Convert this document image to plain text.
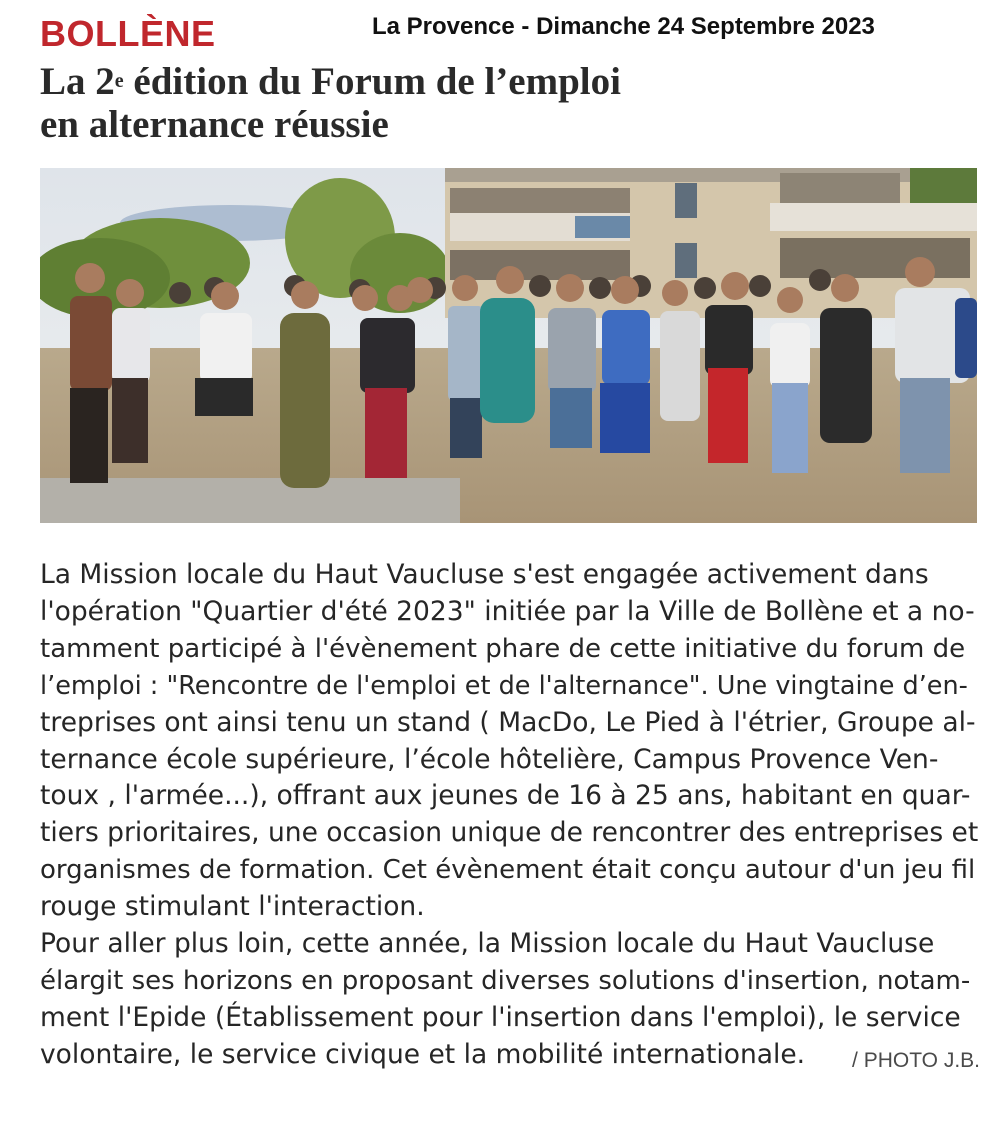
BOLLÈNE	La Provence - Dimanche 24 Septembre 2023
La 2e édition du Forum de l’emploi
en alternance réussie
La Mission locale du Haut Vaucluse s'est engagée activement dans
l'opération "Quartier d'été 2023" initiée par la Ville de Bollène et a no-
tamment participé à l'évènement phare de cette initiative du forum de
l’emploi : "Rencontre de l'emploi et de l'alternance". Une vingtaine d’en-
treprises ont ainsi tenu un stand ( MacDo, Le Pied à l'étrier, Groupe al-
ternance école supérieure, l’école hôtelière, Campus Provence Ven-
toux , l'armée...), offrant aux jeunes de 16 à 25 ans, habitant en quar-
tiers prioritaires, une occasion unique de rencontrer des entreprises et
organismes de formation. Cet évènement était conçu autour d'un jeu fil
rouge stimulant l'interaction.
Pour aller plus loin, cette année, la Mission locale du Haut Vaucluse
élargit ses horizons en proposant diverses solutions d'insertion, notam-
ment l'Epide (Établissement pour l'insertion dans l'emploi), le service
volontaire, le service civique et la mobilité internationale. / PHOTO J.B.
